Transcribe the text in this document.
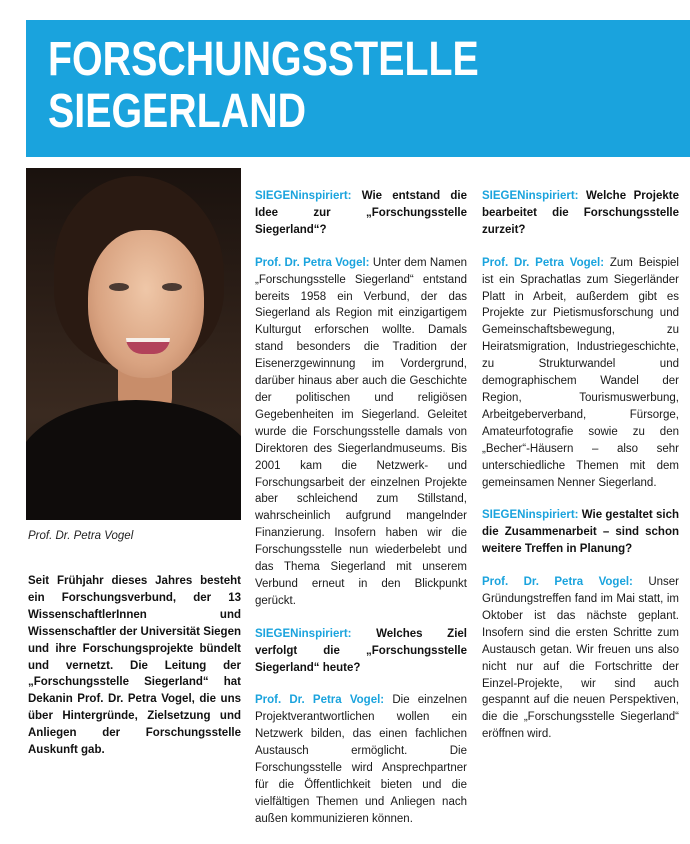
FORSCHUNGSSTELLE
SIEGERLAND
Prof. Dr. Petra Vogel

Seit Frühjahr dieses Jahres besteht ein Forschungsverbund, der 13 WissenschaftlerInnen und Wissenschaftler der Universität Siegen und ihre Forschungsprojekte bündelt und vernetzt. Die Leitung der „Forschungsstelle Siegerland“ hat Dekanin Prof. Dr. Petra Vogel, die uns über Hintergründe, Zielsetzung und Anliegen der Forschungsstelle Auskunft gab.

SIEGENinspiriert: Wie entstand die Idee zur „Forschungsstelle Siegerland“?

Prof. Dr. Petra Vogel: Unter dem Namen „Forschungsstelle Siegerland“ entstand bereits 1958 ein Verbund, der das Siegerland als Region mit einzigartigem Kulturgut erforschen wollte. Damals stand besonders die Tradition der Eisenerzgewinnung im Vordergrund, darüber hinaus aber auch die Geschichte der politischen und religiösen Gegebenheiten im Siegerland. Geleitet wurde die Forschungsstelle damals von Direktoren des Siegerlandmuseums. Bis 2001 kam die Netzwerk- und Forschungsarbeit der einzelnen Projekte aber schleichend zum Stillstand, wahrscheinlich aufgrund mangelnder Finanzierung. Insofern haben wir die Forschungsstelle nun wiederbelebt und das Thema Siegerland mit unserem Verbund erneut in den Blickpunkt gerückt.

SIEGENinspiriert: Welches Ziel verfolgt die „Forschungsstelle Siegerland“ heute?

Prof. Dr. Petra Vogel: Die einzelnen Projektverantwortlichen wollen ein Netzwerk bilden, das einen fachlichen Austausch ermöglicht. Die Forschungsstelle wird Ansprechpartner für die Öffentlichkeit bieten und die vielfältigen Themen und Anliegen nach außen kommunizieren können.

SIEGENinspiriert: Welche Projekte bearbeitet die Forschungsstelle zurzeit?

Prof. Dr. Petra Vogel: Zum Beispiel ist ein Sprachatlas zum Siegerländer Platt in Arbeit, außerdem gibt es Projekte zur Pietismusforschung und Gemeinschaftsbewegung, zu Heiratsmigration, Industriegeschichte, zu Strukturwandel und demographischem Wandel der Region, Tourismuswerbung, Arbeitgeberverband, Fürsorge, Amateurfotografie sowie zu den „Becher“-Häusern – also sehr unterschiedliche Themen mit dem gemeinsamen Nenner Siegerland.

SIEGENinspiriert: Wie gestaltet sich die Zusammenarbeit – sind schon weitere Treffen in Planung?

Prof. Dr. Petra Vogel: Unser Gründungstreffen fand im Mai statt, im Oktober ist das nächste geplant. Insofern sind die ersten Schritte zum Austausch getan. Wir freuen uns also nicht nur auf die Fortschritte der Einzel-Projekte, wir sind auch gespannt auf die neuen Perspektiven, die die „Forschungsstelle Siegerland“ eröffnen wird.
